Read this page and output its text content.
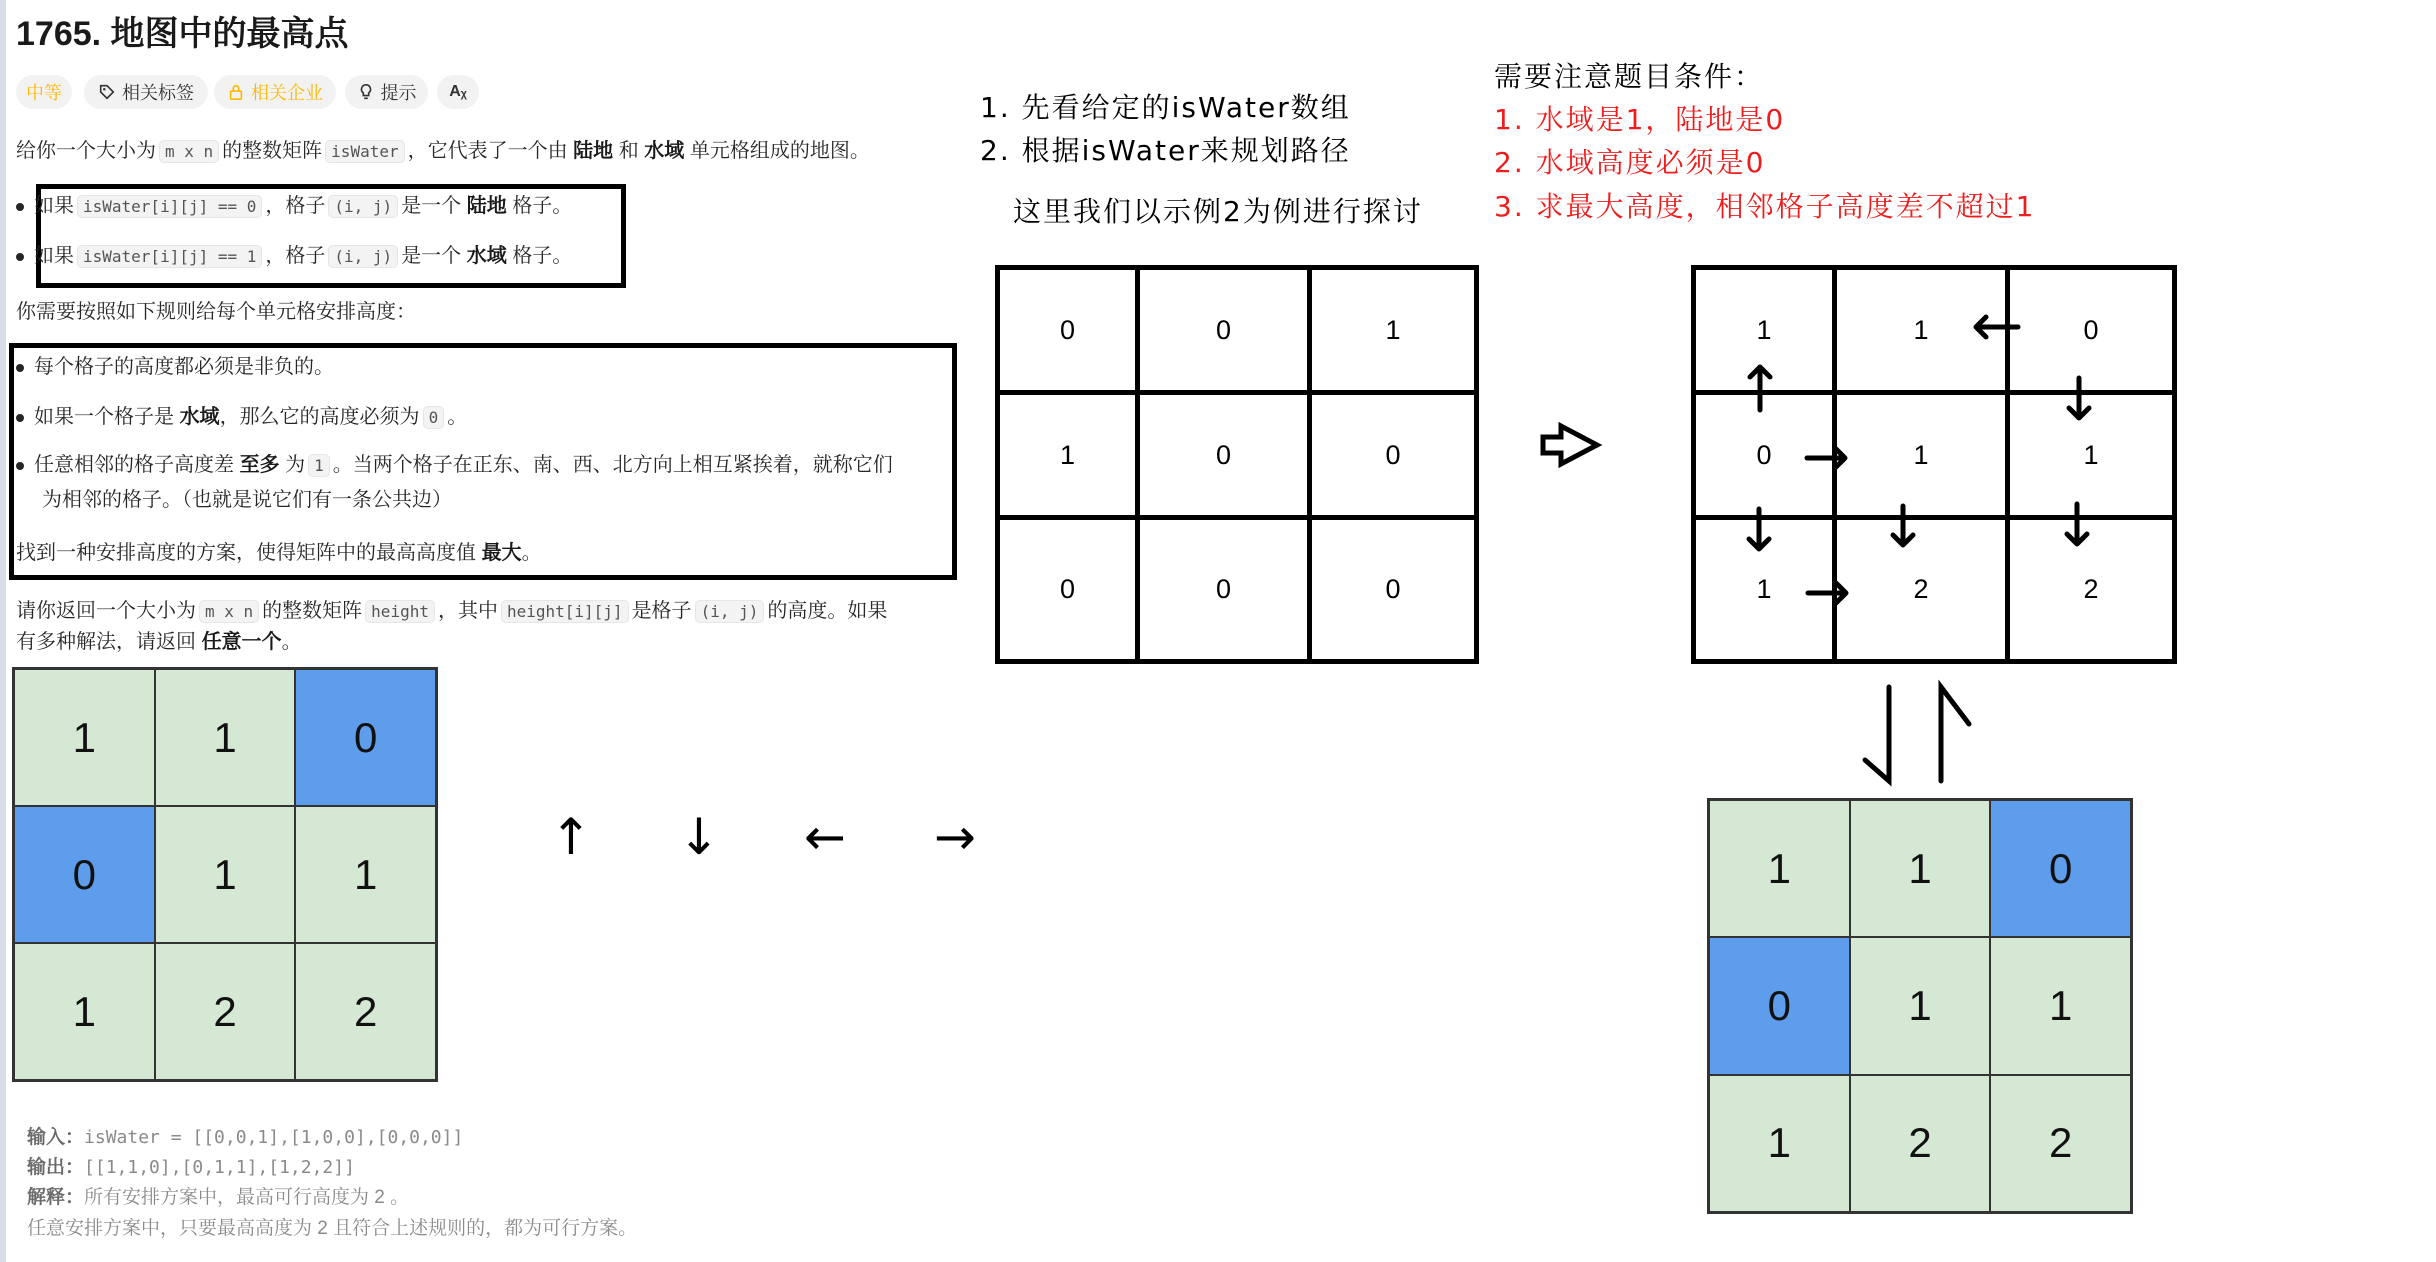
1765. 地图中的最高点
中等	相关标签	相关企业	提示 Aᵪ
给你一个大小为 m x n 的整数矩阵 isWater ，它代表了一个由 陆地 和 水域 单元格组成的地图。
如果 isWater[i][j] == 0 ，格子 (i, j) 是一个 陆地 格子。
如果 isWater[i][j] == 1 ，格子 (i, j) 是一个 水域 格子。
你需要按照如下规则给每个单元格安排高度：
每个格子的高度都必须是非负的。
如果一个格子是 水域，那么它的高度必须为 0 。
任意相邻的格子高度差 至多 为 1 。当两个格子在正东、南、西、北方向上相互紧挨着，就称它们
为相邻的格子。（也就是说它们有一条公共边）
找到一种安排高度的方案，使得矩阵中的最高高度值 最大。
请你返回一个大小为 m x n 的整数矩阵 height ，其中 height[i][j] 是格子 (i, j) 的高度。如果
有多种解法，请返回 任意一个。
1	1	0
0	1	1
1	2	2
↑ ↓ ← →
输入：isWater = [[0,0,1],[1,0,0],[0,0,0]]
输出：[[1,1,0],[0,1,1],[1,2,2]]
解释：所有安排方案中，最高可行高度为 2 。
任意安排方案中，只要最高高度为 2 且符合上述规则的，都为可行方案。
1. 先看给定的isWater数组
2. 根据isWater来规划路径
这里我们以示例2为例进行探讨
需要注意题目条件：
1. 水域是1，陆地是0
2. 水域高度必须是0
3. 求最大高度，相邻格子高度差不超过1
0	0	1
1	0	0
0	0	0
1	1	0
0	1	1
1	2	2
1	1	0
0	1	1
1	2	2
